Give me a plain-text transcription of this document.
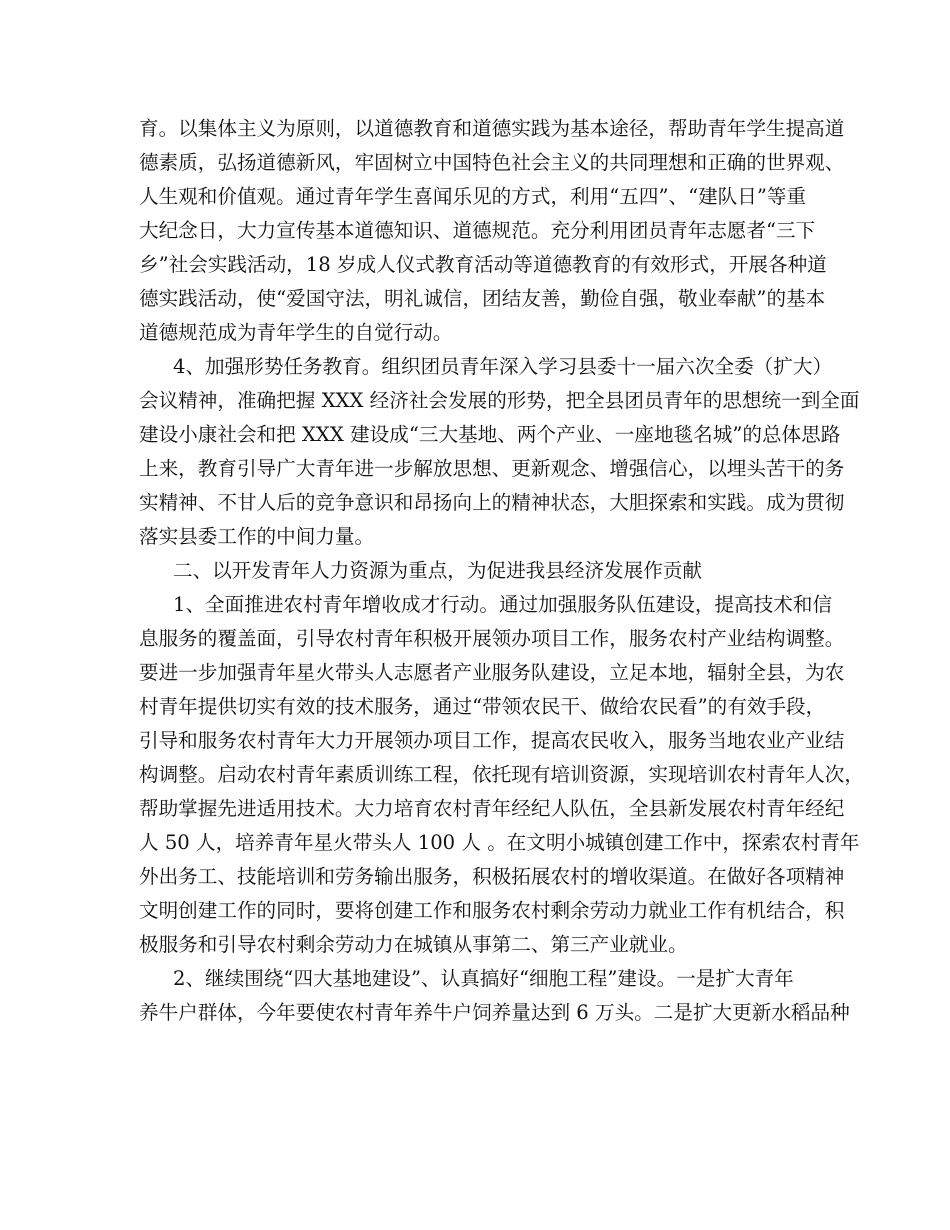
育。以集体主义为原则，以道德教育和道德实践为基本途径，帮助青年学生提高道
德素质，弘扬道德新风，牢固树立中国特色社会主义的共同理想和正确的世界观、
人生观和价值观。通过青年学生喜闻乐见的方式，利用“五四”、“建队日”等重
大纪念日，大力宣传基本道德知识、道德规范。充分利用团员青年志愿者“三下
乡”社会实践活动，18 岁成人仪式教育活动等道德教育的有效形式，开展各种道
德实践活动，使“爱国守法，明礼诚信，团结友善，勤俭自强，敬业奉献”的基本
道德规范成为青年学生的自觉行动。
4、加强形势任务教育。组织团员青年深入学习县委十一届六次全委（扩大）
会议精神，准确把握 XXX 经济社会发展的形势，把全县团员青年的思想统一到全面
建设小康社会和把 XXX 建设成“三大基地、两个产业、一座地毯名城”的总体思路
上来，教育引导广大青年进一步解放思想、更新观念、增强信心，以埋头苦干的务
实精神、不甘人后的竞争意识和昂扬向上的精神状态，大胆探索和实践。成为贯彻
落实县委工作的中间力量。
二、以开发青年人力资源为重点，为促进我县经济发展作贡献
1、全面推进农村青年增收成才行动。通过加强服务队伍建设，提高技术和信
息服务的覆盖面，引导农村青年积极开展领办项目工作，服务农村产业结构调整。
要进一步加强青年星火带头人志愿者产业服务队建设，立足本地，辐射全县，为农
村青年提供切实有效的技术服务，通过“带领农民干、做给农民看”的有效手段，
引导和服务农村青年大力开展领办项目工作，提高农民收入，服务当地农业产业结
构调整。启动农村青年素质训练工程，依托现有培训资源，实现培训农村青年人次，
帮助掌握先进适用技术。大力培育农村青年经纪人队伍，全县新发展农村青年经纪
人 50 人，培养青年星火带头人 100 人 。在文明小城镇创建工作中，探索农村青年
外出务工、技能培训和劳务输出服务，积极拓展农村的增收渠道。在做好各项精神
文明创建工作的同时，要将创建工作和服务农村剩余劳动力就业工作有机结合，积
极服务和引导农村剩余劳动力在城镇从事第二、第三产业就业。
2、继续围绕“四大基地建设”、认真搞好“细胞工程”建设。一是扩大青年
养牛户群体，今年要使农村青年养牛户饲养量达到 6 万头。二是扩大更新水稻品种
